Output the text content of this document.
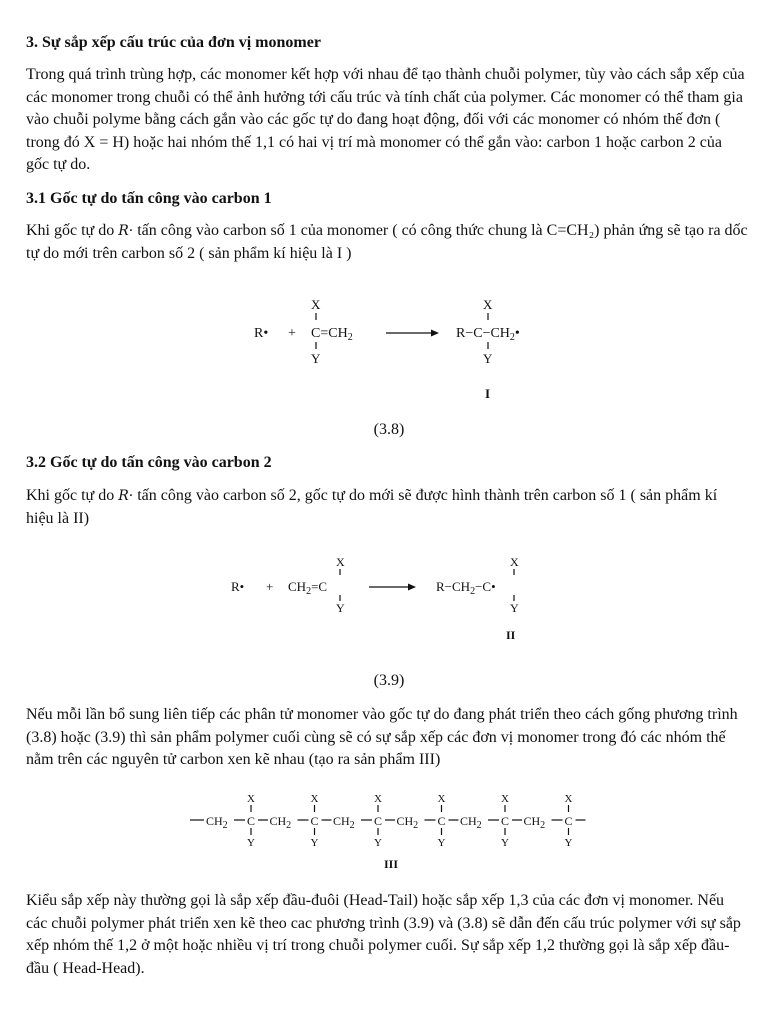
3. Sự sắp xếp cấu trúc của đơn vị monomer

Trong quá trình trùng hợp, các monomer kết hợp với nhau để tạo thành chuỗi polymer, tùy vào cách sắp xếp của các monomer trong chuỗi có thể ảnh hưởng tới cấu trúc và tính chất của polymer. Các monomer có thể tham gia vào chuỗi polyme bằng cách gắn vào các gốc tự do đang hoạt động, đối với các monomer có nhóm thế đơn ( trong đó X = H) hoặc hai nhóm thế 1,1 có hai vị trí mà monomer có thể gắn vào: carbon 1 hoặc carbon 2 của gốc tự do.

3.1 Gốc tự do tấn công vào carbon 1

Khi gốc tự do R· tấn công vào carbon số 1 của monomer ( có công thức chung là C=CH₂) phản ứng sẽ tạo ra dốc tự do mới trên carbon số 2 ( sản phẩm kí hiệu là I )

R• +
X
$C=CH_2$
Y
X
$R-C-CH_2•$
Y
I

(3.8)

3.2 Gốc tự do tấn công vào carbon 2

Khi gốc tự do R· tấn công vào carbon số 2, gốc tự do mới sẽ được hình thành trên carbon số 1 ( sản phẩm kí hiệu là II)

R• +
X
$CH_2=C$
Y
X
$R-CH_2-C•$
Y
II

(3.9)

Nếu mỗi lần bổ sung liên tiếp các phân tử monomer vào gốc tự do đang phát triển theo cách gống phương trình (3.8) hoặc (3.9) thì sản phẩm polymer cuối cùng sẽ có sự sắp xếp các đơn vị monomer trong đó các nhóm thế nằm trên các nguyên tử carbon xen kẽ nhau (tạo ra sản phẩm III)

$CH_2$ C
X
Y
$CH_2$ C
X
Y
$CH_2$ C
X
Y
$CH_2$ C
X
Y
$CH_2$ C
X
Y
$CH_2$ C
X
Y
III

Kiểu sắp xếp này thường gọi là sắp xếp đầu-đuôi (Head-Tail) hoặc sắp xếp 1,3 của các đơn vị monomer. Nếu các chuỗi polymer phát triển xen kẽ theo cac phương trình (3.9) và (3.8) sẽ dẫn đến cấu trúc polymer với sự sắp xếp nhóm thế 1,2 ở một hoặc nhiều vị trí trong chuỗi polymer cuối. Sự sắp xếp 1,2 thường gọi là sắp xếp đầu-đầu ( Head-Head).
